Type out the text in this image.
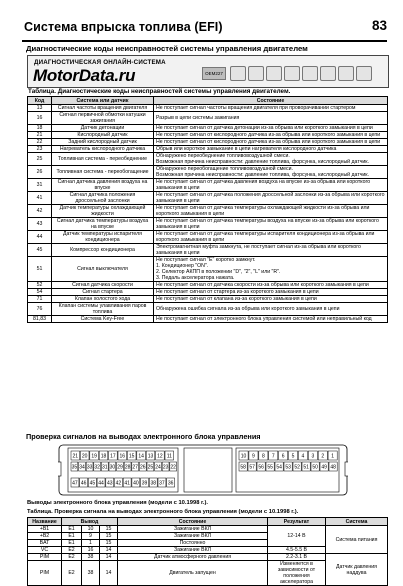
Система впрыска топлива (EFI)	83
Диагностические коды неисправностей системы управления двигателем
ДИАГНОСТИЧЕСКАЯ ОНЛАЙН-СИСТЕМА
MotorData.ru	OEM227
Таблица. Диагностические коды неисправностей системы управления двигателем.
Код	Система или датчик	Состояние
13	Сигнал частоты вращения двигателя	Не поступает сигнал частоты вращения двигателя при проворачивании стартером
16	Сигнал первичной обмотки катушки зажигания	Разрыв в цепи системы зажигания
18	Датчик детонации	Не поступает сигнал от датчика детонации из-за обрыва или короткого замыкания в цепи
21	Кислородный датчик	Не поступает сигнал от кислородного датчика из-за обрыва или короткого замыкания в цепи
22	Задний кислородный датчик	Не поступает сигнал от кислородного датчика из-за обрыва или короткого замыкания в цепи
23	Нагреватель кислородного датчика	Обрыв или короткое замыкание в цепи нагревателя кислородного датчика
25	Топливная система - переобеднение	Обнаружено переобеднение топливовоздушной смеси.
Возможная причина неисправности: давление топлива, форсунка, кислородный датчик.
26	Топливная система - переобогащение	Обнаружено переобогащение топливовоздушной смеси.
Возможная причина неисправности: давление топлива, форсунка, кислородный датчик.
31	Сигнал датчика давления воздуха на впуске	Не поступает сигнал от датчика давления воздуха на впуске из-за обрыва или короткого замыкания в цепи
41	Сигнал датчика положения дроссельной заслонки	Не поступает сигнал от датчика положения дроссельной заслонки из-за обрыва или короткого замыкания в цепи
42	Датчик температуры охлаждающей жидкости	Не поступает сигнал от датчика температуры охлаждающей жидкости из-за обрыва или короткого замыкания в цепи
43	Сигнал датчика температуры воздуха на впуске	Не поступает сигнал от датчика температуры воздуха на впуске из-за обрыва или короткого замыкания в цепи
44	Датчик температуры испарителя кондиционера	Не поступает сигнал от датчика температуры испарителя кондиционера из-за обрыва или короткого замыкания в цепи
45	Компрессор кондиционера	Электромагнитная муфта замкнута, не поступает сигнал из-за обрыва или короткого замыкания в цепи
51	Сигнал выключателя	Не поступает сигнал "Е" коротко замкнут.
1. Кондиционер "ON".
2. Селектор АКПП в положении "D", "2", "L" или "R".
3. Педаль акселератора нажата.
52	Сигнал датчика скорости	Не поступает сигнал от датчика скорости из-за обрыва или короткого замыкания в цепи
54	Сигнал стартера	Не поступает сигнал от стартера из-за короткого замыкания в цепи
71	Клапан холостого хода	Не поступает сигнал от клапана из-за короткого замыкания в цепи
76	Клапан системы улавливания паров топлива	Обнаружена ошибка сигнала из-за обрыва или короткого замыкания в цепи
81,83	Система Key-Free	Не поступает сигнал от электронного блока управления системой или неправильный код
Проверка сигналов на выводах электронного блока управления
21 20 19 18 17 16 15 14 13 12 11
35 34 33 32 31 30 29 28 27 26 25 24 23 22
10 9 8 7 6 5 4 3 2 1
58 57 56 55 54 53 52 51 50 49 48
47 46 45 44 43 42 41 40 39 38 37 36
Выводы электронного блока управления (модели с 10.1998 г.).
Таблица. Проверка сигнала на выводах электронного блока управления (модели с 10.1998 г.).
Название	Вывод			Состояние	Результат	Система
+B1	E1	10	15	Зажигание ВКЛ	12-14 В	Система питания
+B2	E1	9	15	Зажигание ВКЛ		
BAT	E1	1	15	Постоянно		
VC	E2	16	14	Зажигание ВКЛ	4.5-5.5 В	
PIM	E2	38	14	Датчик атмосферного давления	2.2-3.1 В	Датчик давления наддува
PIM	E2	38	14	Двигатель запущен	Изменяется в зависимости от положения акселератора	
